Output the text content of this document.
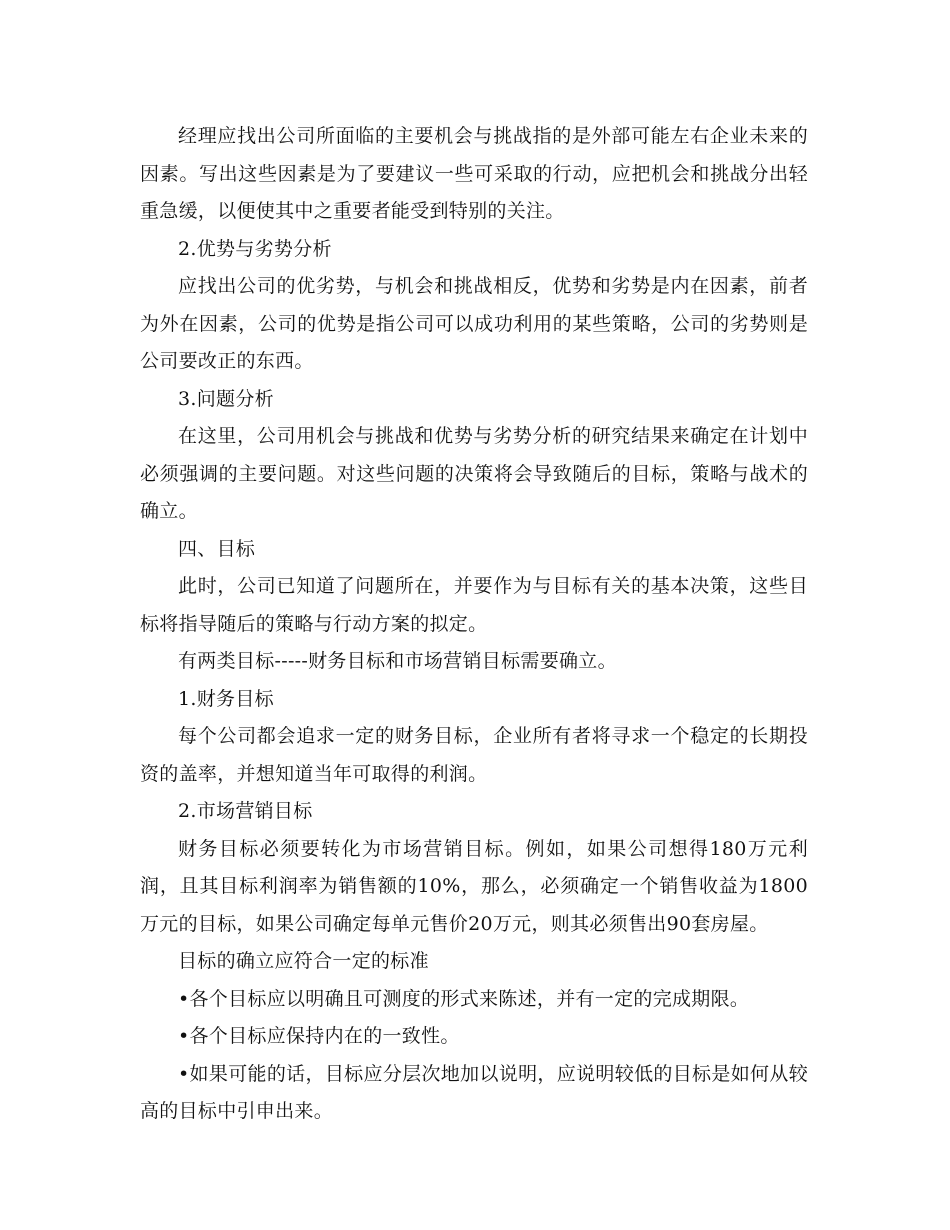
经理应找出公司所面临的主要机会与挑战指的是外部可能左右企业未来的因素。写出这些因素是为了要建议一些可采取的行动，应把机会和挑战分出轻重急缓，以便使其中之重要者能受到特别的关注。

2.优势与劣势分析

应找出公司的优劣势，与机会和挑战相反，优势和劣势是内在因素，前者为外在因素，公司的优势是指公司可以成功利用的某些策略，公司的劣势则是公司要改正的东西。

3.问题分析

在这里，公司用机会与挑战和优势与劣势分析的研究结果来确定在计划中必须强调的主要问题。对这些问题的决策将会导致随后的目标，策略与战术的确立。

四、目标

此时，公司已知道了问题所在，并要作为与目标有关的基本决策，这些目标将指导随后的策略与行动方案的拟定。

有两类目标-----财务目标和市场营销目标需要确立。

1.财务目标

每个公司都会追求一定的财务目标，企业所有者将寻求一个稳定的长期投资的盖率，并想知道当年可取得的利润。

2.市场营销目标

财务目标必须要转化为市场营销目标。例如，如果公司想得180万元利润，且其目标利润率为销售额的10%，那么，必须确定一个销售收益为1800万元的目标，如果公司确定每单元售价20万元，则其必须售出90套房屋。

目标的确立应符合一定的标准

•各个目标应以明确且可测度的形式来陈述，并有一定的完成期限。

•各个目标应保持内在的一致性。

•如果可能的话，目标应分层次地加以说明，应说明较低的目标是如何从较高的目标中引申出来。
